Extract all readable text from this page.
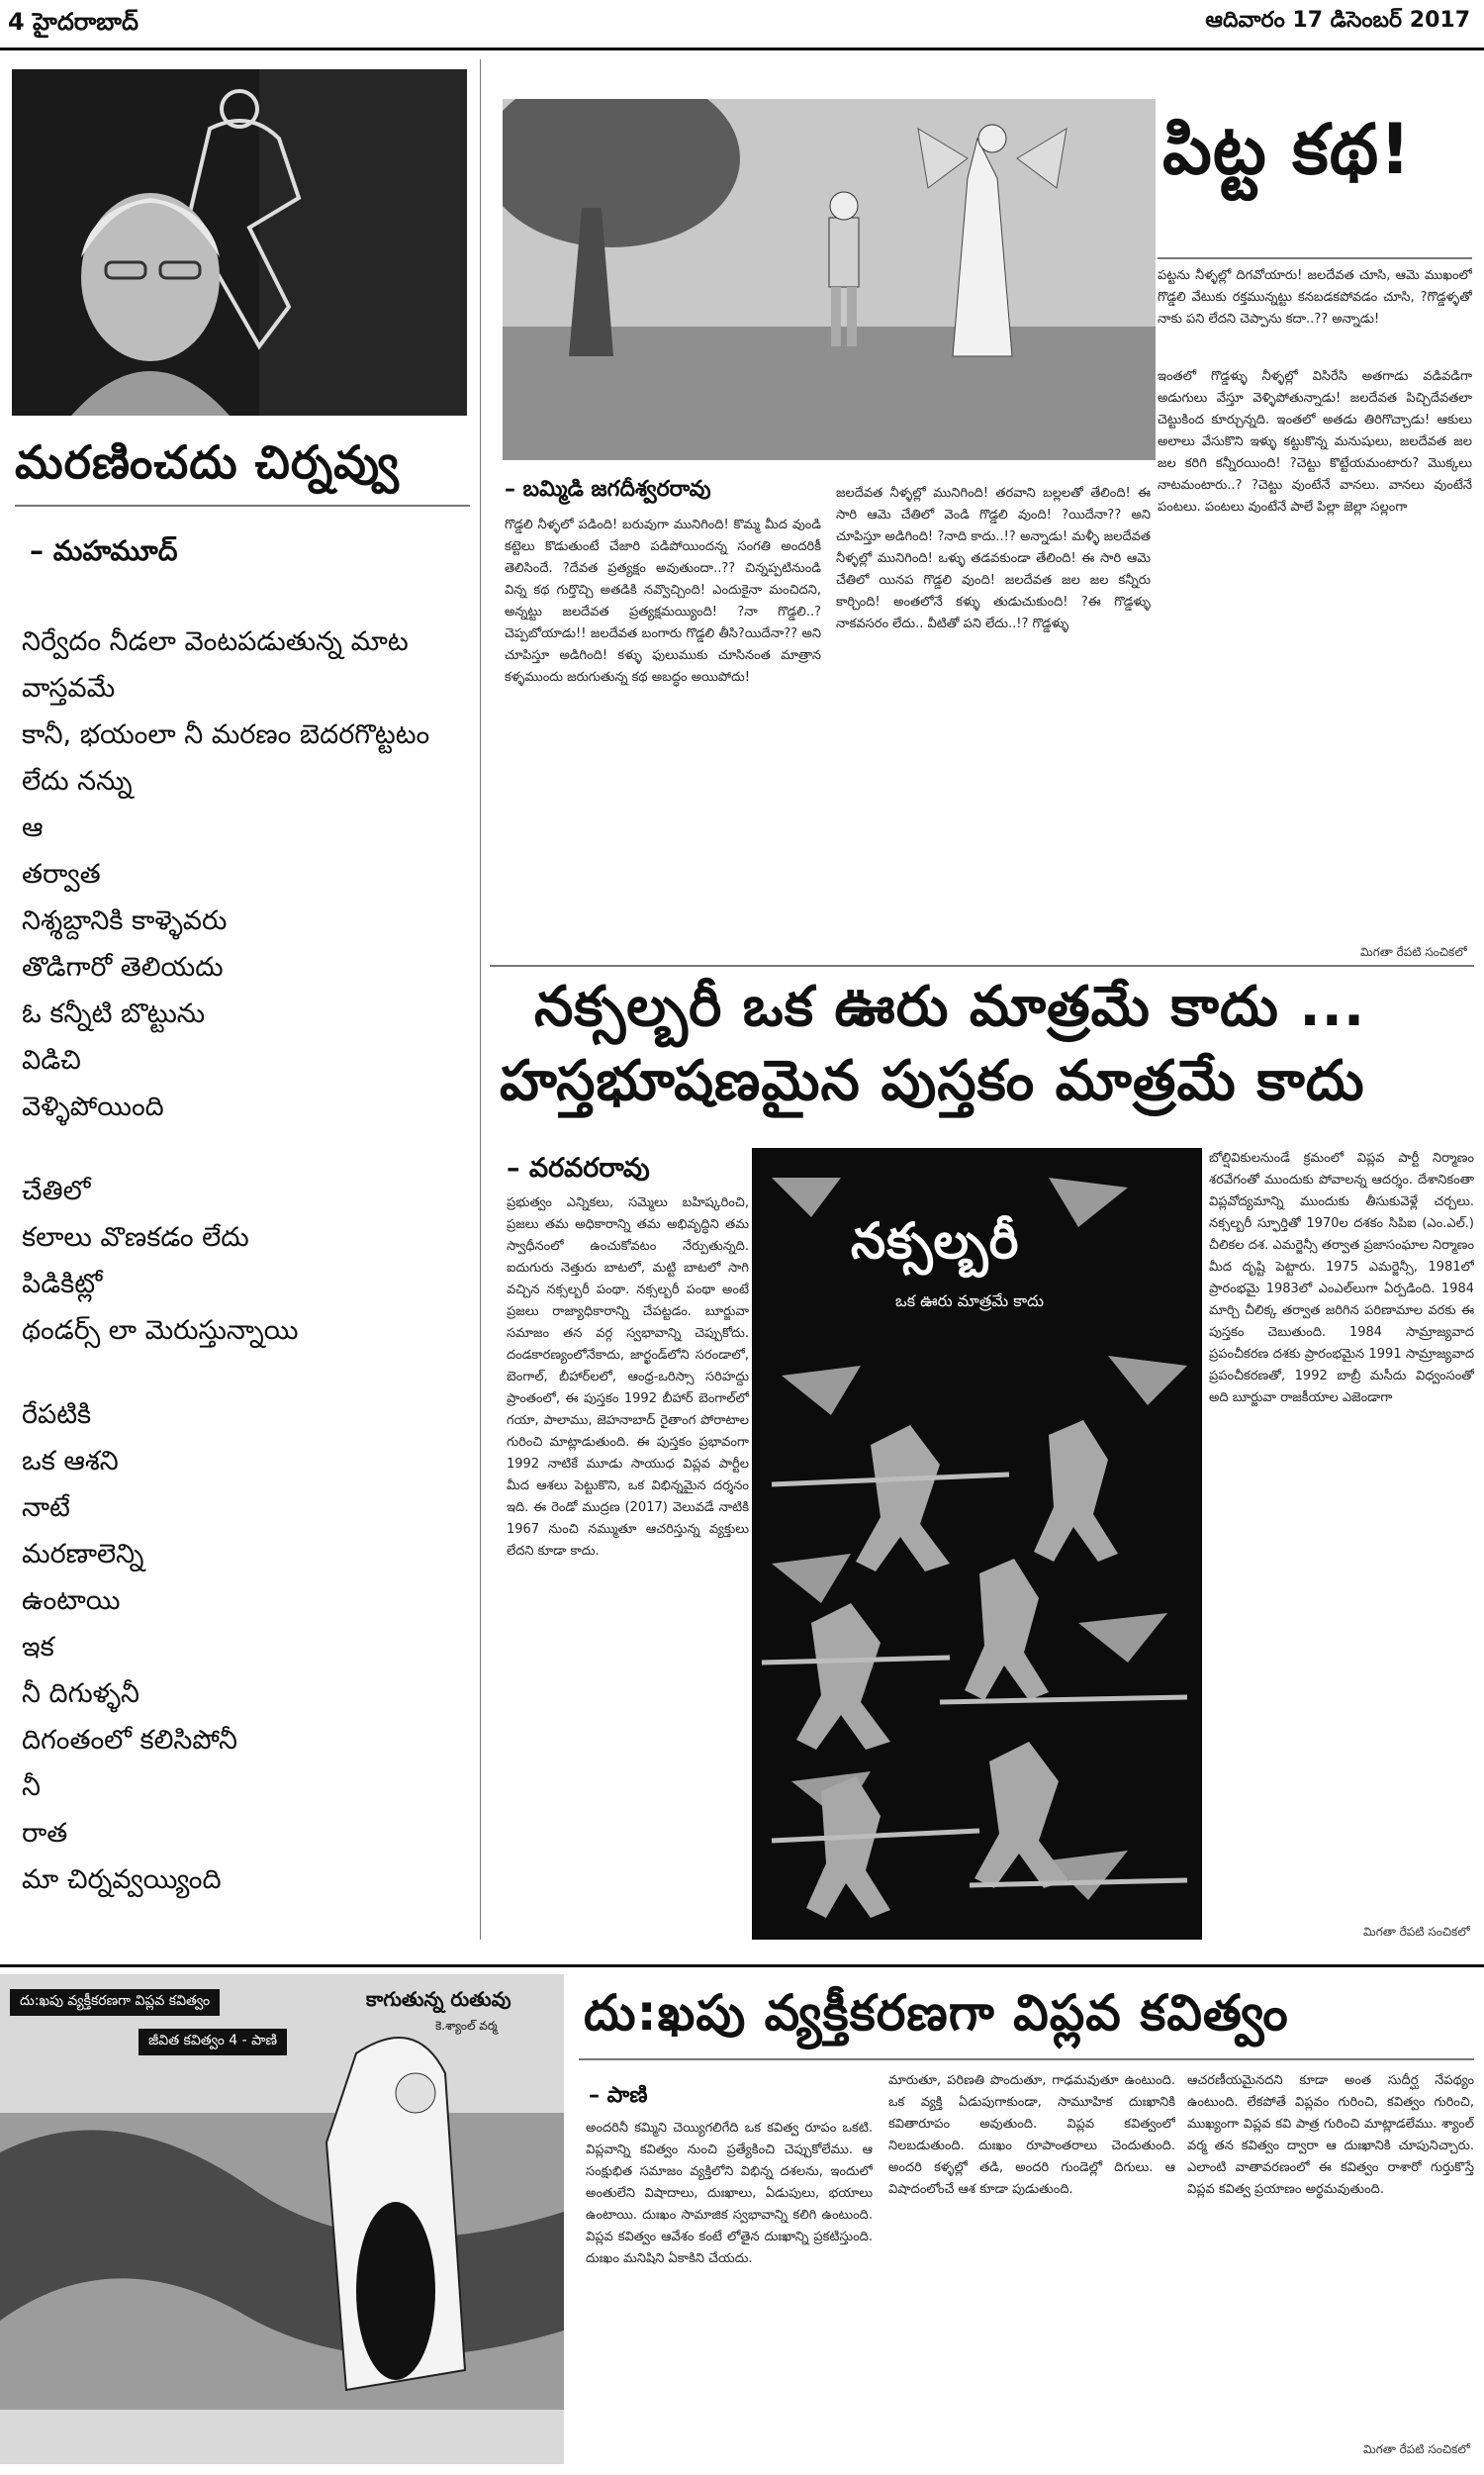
4 హైదరాబాద్	ఆదివారం 17 డిసెంబర్ 2017
మరణించదు చిర్నవ్వు
– మహమూద్
నిర్వేదం నీడలా వెంటపడుతున్న మాట
వాస్తవమే
కానీ, భయంలా నీ మరణం బెదరగొట్టటం
లేదు నన్ను
ఆ
తర్వాత
నిశ్శబ్దానికి కాళ్ళెవరు
తొడిగారో తెలియదు
ఓ కన్నీటి బొట్టును
విడిచి
వెళ్ళిపోయింది
చేతిలో
కలాలు వొణకడం లేదు
పిడికిట్లో
థండర్స్ లా మెరుస్తున్నాయి
రేపటికి
ఒక ఆశని
నాటే
మరణాలెన్ని
ఉంటాయి
ఇక
నీ దిగుళ్ళనీ
దిగంతంలో కలిసిపోనీ
నీ
రాత
మా చిర్నవ్వయ్యింది
పిట్ట కథ!
పట్టను నీళ్ళల్లో దిగవోయారు! జలదేవత చూసి, ఆమె ముఖంలో గొడ్డలి వేటుకు రక్తమున్నట్టు కనబడకపోవడం చూసి, ?గొడ్డళ్ళతో నాకు పని లేదని చెప్పాను కదా..?? అన్నాడు!
ఇంతలో గొడ్డళ్ళు నీళ్ళల్లో విసిరేసి అతగాడు వడివడిగా అడుగులు వేస్తూ వెళ్ళిపోతున్నాడు! జలదేవత పిచ్చిదేవతలా చెట్టుకింద కూర్చున్నది. ఇంతలో అతడు తిరిగొచ్చాడు! ఆకులు అలాలు వేసుకొని ఇళ్ళు కట్టుకొన్న మనుషులు, జలదేవత జల జల కరిగి కన్నీరయింది! ?చెట్టు కొట్టేయమంటారు? మొక్కలు నాటమంటారు..? ?చెట్టు వుంటేనే వానలు. వానలు వుంటేనే పంటలు. పంటలు వుంటేనే పాలే పిల్లా జెల్లా సల్లంగా
మిగతా రేపటి సంచికలో
– బమ్మిడి జగదీశ్వరరావు
గొడ్డలి నీళ్ళలో పడింది! బరువుగా మునిగింది! కొమ్మ మీద వుండి కట్టెలు కొడుతుంటే చేజారి పడిపోయిందన్న సంగతి అందరికీ తెలిసిందే. ?దేవత ప్రత్యక్షం అవుతుందా..?? చిన్నప్పటినుండి విన్న కథ గుర్తొచ్చి అతడికి నవ్వొచ్చింది! ఎందుకైనా మంచిదని, అన్నట్టు జలదేవత ప్రత్యక్షమయ్యింది! ?నా గొడ్డలి..? చెప్పబోయాడు!! జలదేవత బంగారు గొడ్డలి తీసి?యిదేనా?? అని చూపిస్తూ అడిగింది! కళ్ళు ఫులుముకు చూసినంత మాత్రాన కళ్ళముందు జరుగుతున్న కథ అబద్ధం అయిపోదు!
జలదేవత నీళ్ళల్లో మునిగింది! తరవాని బల్లలతో తేలింది! ఈ సారి ఆమె చేతిలో వెండి గొడ్డలి వుంది! ?యిదేనా?? అని చూపిస్తూ అడిగింది! ?నాది కాదు..!? అన్నాడు! మళ్ళీ జలదేవత నీళ్ళల్లో మునిగింది! ఒళ్ళు తడవకుండా తేలింది! ఈ సారి ఆమె చేతిలో యినప గొడ్డలి వుంది! జలదేవత జల జల కన్నీరు కార్చింది! అంతలోనే కళ్ళు తుడుచుకుంది! ?ఈ గొడ్డళ్ళు నాకవసరం లేదు.. వీటితో పని లేదు..!? గొడ్డళ్ళు
నక్సల్బరీ ఒక ఊరు మాత్రమే కాదు ...
హస్తభూషణమైన పుస్తకం మాత్రమే కాదు
– వరవరరావు
ప్రభుత్వం ఎన్నికలు, సమ్మెలు బహిష్కరించి, ప్రజలు తమ అధికారాన్ని తమ అభివృద్ధిని తమ స్వాధీనంలో ఉంచుకోవటం నేర్పుతున్నది. ఐదుగురు నెత్తురు బాటలో, మట్టి బాటలో సాగి వచ్చిన నక్సల్బరీ పంథా. నక్సల్బరీ పంథా అంటే ప్రజలు రాజ్యాధికారాన్ని చేపట్టడం. బూర్జువా సమాజం తన వర్గ స్వభావాన్ని చెప్పుకోదు. దండకారణ్యంలోనేకాదు, జార్ఖండ్‌లోని సరండాలో, బెంగాల్, బీహార్‌లలో, ఆంధ్ర-ఒరిస్సా సరిహద్దు ప్రాంతంలో, ఈ పుస్తకం 1992 బీహార్ బెంగాల్‌లో గయా, పాలాము, జెహనాబాద్ రైతాంగ పోరాటాల గురించి మాట్లాడుతుంది. ఈ పుస్తకం ప్రభావంగా 1992 నాటికే మూడు సాయుధ విప్లవ పార్టీల మీద ఆశలు పెట్టుకొని, ఒక విభిన్నమైన దర్శనం ఇది. ఈ రెండో ముద్రణ (2017) వెలువడే నాటికి 1967 నుంచి నమ్ముతూ ఆచరిస్తున్న వ్యక్తులు లేదని కూడా కాదు.
నక్సల్బరీ
ఒక ఊరు మాత్రమే కాదు
బోల్షివికులనుండే క్రమంలో విప్లవ పార్టీ నిర్మాణం శరవేగంతో ముందుకు పోవాలన్న ఆదర్శం. దేశానికంతా విప్లవోద్యమాన్ని ముందుకు తీసుకువెళ్లే చర్చలు. నక్సల్బరీ స్ఫూర్తితో 1970ల దశకం సిపిఐ (ఎం.ఎల్.) చీలికల దశ. ఎమర్జెన్సీ తర్వాత ప్రజాసంఘాల నిర్మాణం మీద దృష్టి పెట్టారు. 1975 ఎమర్జెన్సీ, 1981లో ప్రారంభమై 1983లో ఎంఎల్‌లుగా ఏర్పడింది. 1984 మార్చి చీలిక్క తర్వాత జరిగిన పరిణామాల వరకు ఈ పుస్తకం చెబుతుంది. 1984 సామ్రాజ్యవాద ప్రపంచీకరణ దశకు ప్రారంభమైన 1991 సామ్రాజ్యవాద ప్రపంచీకరణతో, 1992 బాబ్రీ మసీదు విధ్వంసంతో అది బూర్జువా రాజకీయాల ఎజెండాగా
మిగతా రేపటి సంచికలో
దు:ఖపు వ్యక్తీకరణగా విప్లవ కవిత్వం
జీవిత కవిత్వం 4 - పాణి
కాగుతున్న రుతువు
కె.శ్యాంల్ వర్మ దు:ఖపు వ్యక్తీకరణగా విప్లవ కవిత్వం
– పాణి
అందరినీ కమ్మిని చెయ్యిగలిగేది ఒక కవిత్వ రూపం ఒకటి. విప్లవాన్ని కవిత్వం నుంచి ప్రత్యేకించి చెప్పుకోలేము. ఆ సంక్షుభిత సమాజం వ్యక్తిలోని విభిన్న దశలను, ఇందులో అంతులేని విషాదాలు, దుఃఖాలు, ఏడుపులు, భయాలు ఉంటాయి. దుఃఖం సామాజిక స్వభావాన్ని కలిగి ఉంటుంది. విప్లవ కవిత్వం ఆవేశం కంటే లోతైన దుఃఖాన్ని ప్రకటిస్తుంది. దుఃఖం మనిషిని ఏకాకిని చేయదు.
మారుతూ, పరిణతి పొందుతూ, గాఢమవుతూ ఉంటుంది. ఒక వ్యక్తి ఏడుపుగాకుండా, సామూహిక దుఃఖానికి కవితారూపం అవుతుంది. విప్లవ కవిత్వంలో నిలబడుతుంది. దుఃఖం రూపాంతరాలు చెందుతుంది. అందరి కళ్ళల్లో తడి, అందరి గుండెల్లో దిగులు. ఆ విషాదంలోంచే ఆశ కూడా పుడుతుంది.
ఆచరణీయమైనదని కూడా అంత సుదీర్ఘ నేపథ్యం ఉంటుంది. లేకపోతే విప్లవం గురించి, కవిత్వం గురించి, ముఖ్యంగా విప్లవ కవి పాత్ర గురించి మాట్లాడలేము. శ్యాంల్ వర్మ తన కవిత్వం ద్వారా ఆ దుఃఖానికి చూపునిచ్చారు. ఎలాంటి వాతావరణంలో ఈ కవిత్వం రాశారో గుర్తుకొస్తే విప్లవ కవిత్వ ప్రయాణం అర్థమవుతుంది.
మిగతా రేపటి సంచికలో
